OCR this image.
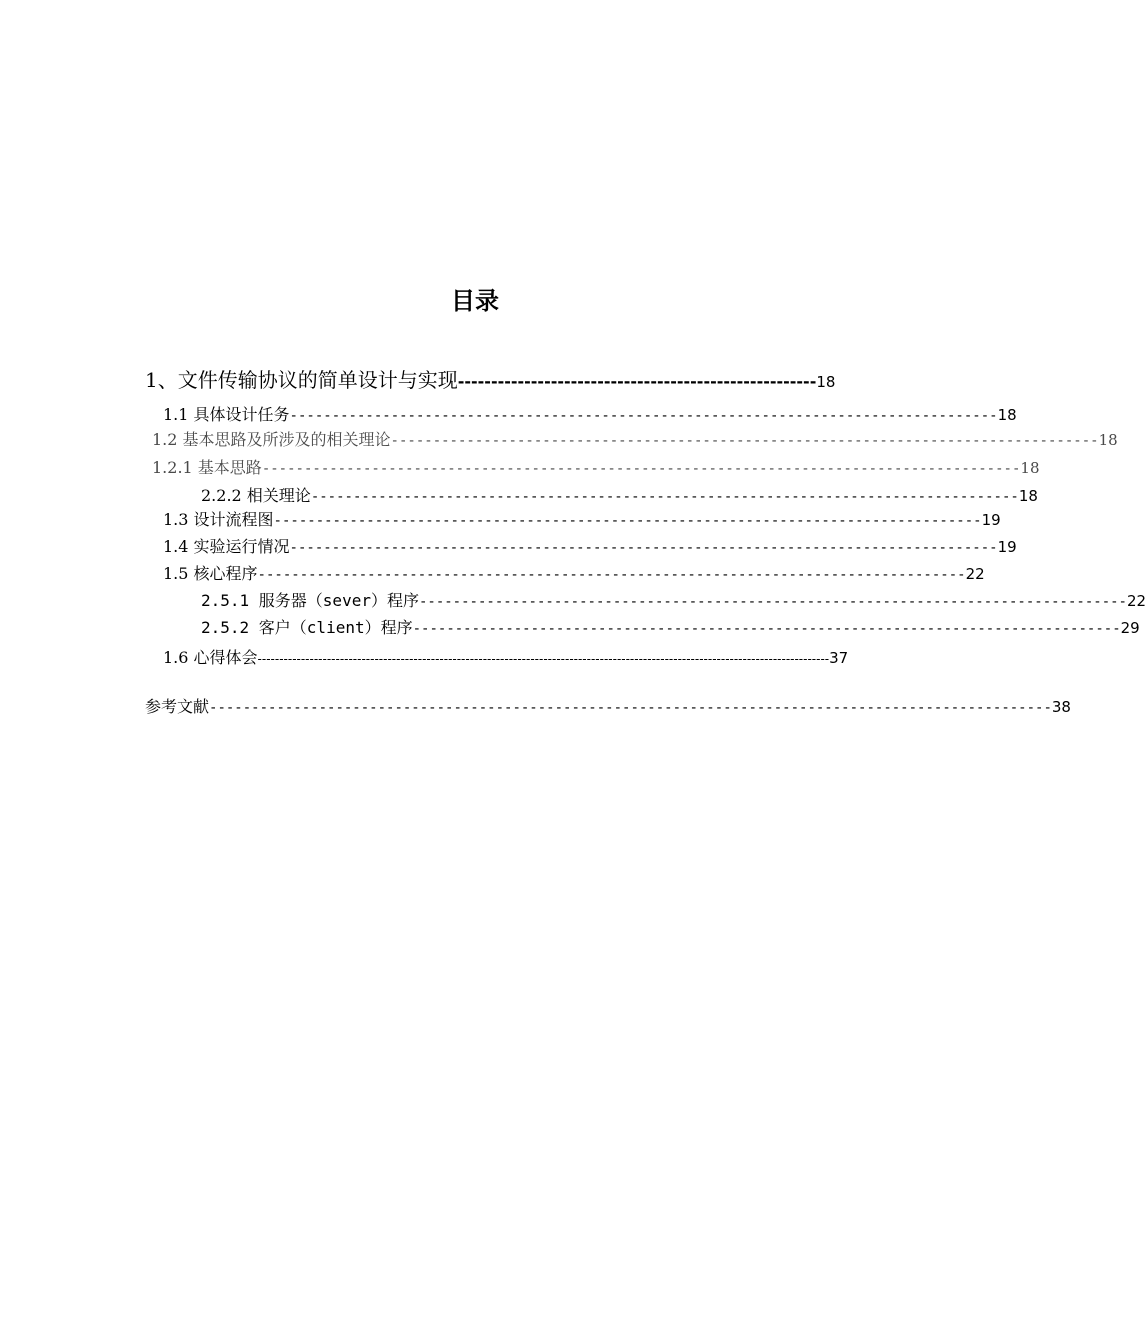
目录
1、文件传输协议的简单设计与实现 ------------------------------------------------------ 18
1.1 具体设计任务 ------------------------------------------------------------------------------------ 18
1.2 基本思路及所涉及的相关理论 ------------------------------------------------------------------------------------ 18
1.2.1 基本思路 ------------------------------------------------------------------------------------------ 18
2.2.2 相关理论 ------------------------------------------------------------------------------------ 18
1.3 设计流程图 ------------------------------------------------------------------------------------ 19
1.4 实验运行情况 ------------------------------------------------------------------------------------ 19
1.5 核心程序 ------------------------------------------------------------------------------------ 22
2.5.1 服务器（sever）程序 ------------------------------------------------------------------------------------ 22
2.5.2 客户（client）程序 ------------------------------------------------------------------------------------ 29
1.6 心得体会 ------------------------------------------------------------------------------------------------------------------------------------ 37
参考文献 ---------------------------------------------------------------------------------------------------- 38
